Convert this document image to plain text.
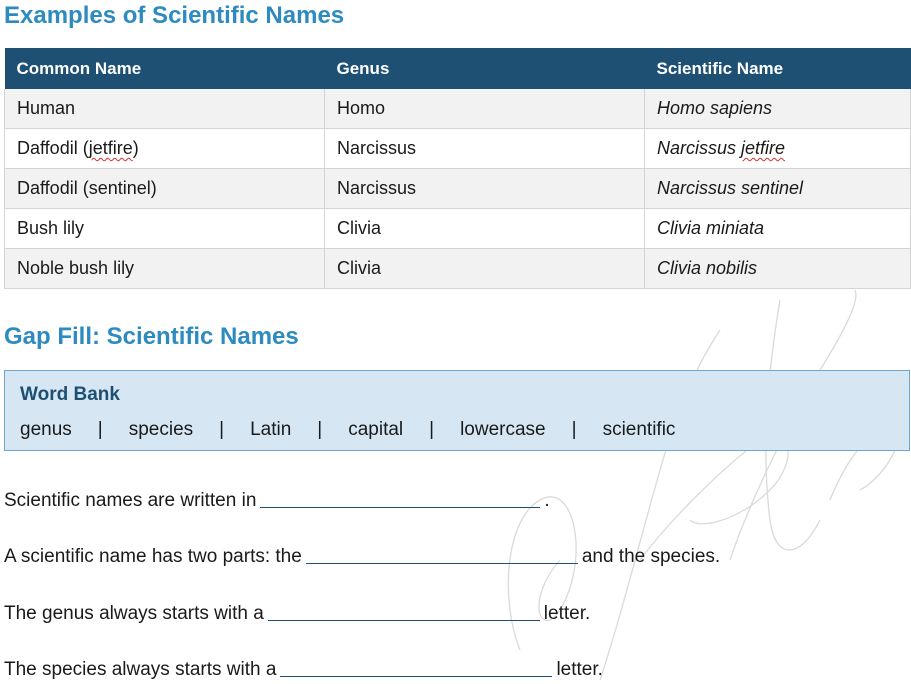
Examples of Scientific Names
Common Name	Genus	Scientific Name
Human	Homo	Homo sapiens
Daffodil (jetfire)	Narcissus	Narcissus jetfire
Daffodil (sentinel)	Narcissus	Narcissus sentinel
Bush lily	Clivia	Clivia miniata
Noble bush lily	Clivia	Clivia nobilis
Gap Fill: Scientific Names
Word Bank
genus | species | Latin | capital | lowercase | scientific
Scientific names are written in	.
A scientific name has two parts: the	and the species.
The genus always starts with a	letter.
The species always starts with a	letter.
